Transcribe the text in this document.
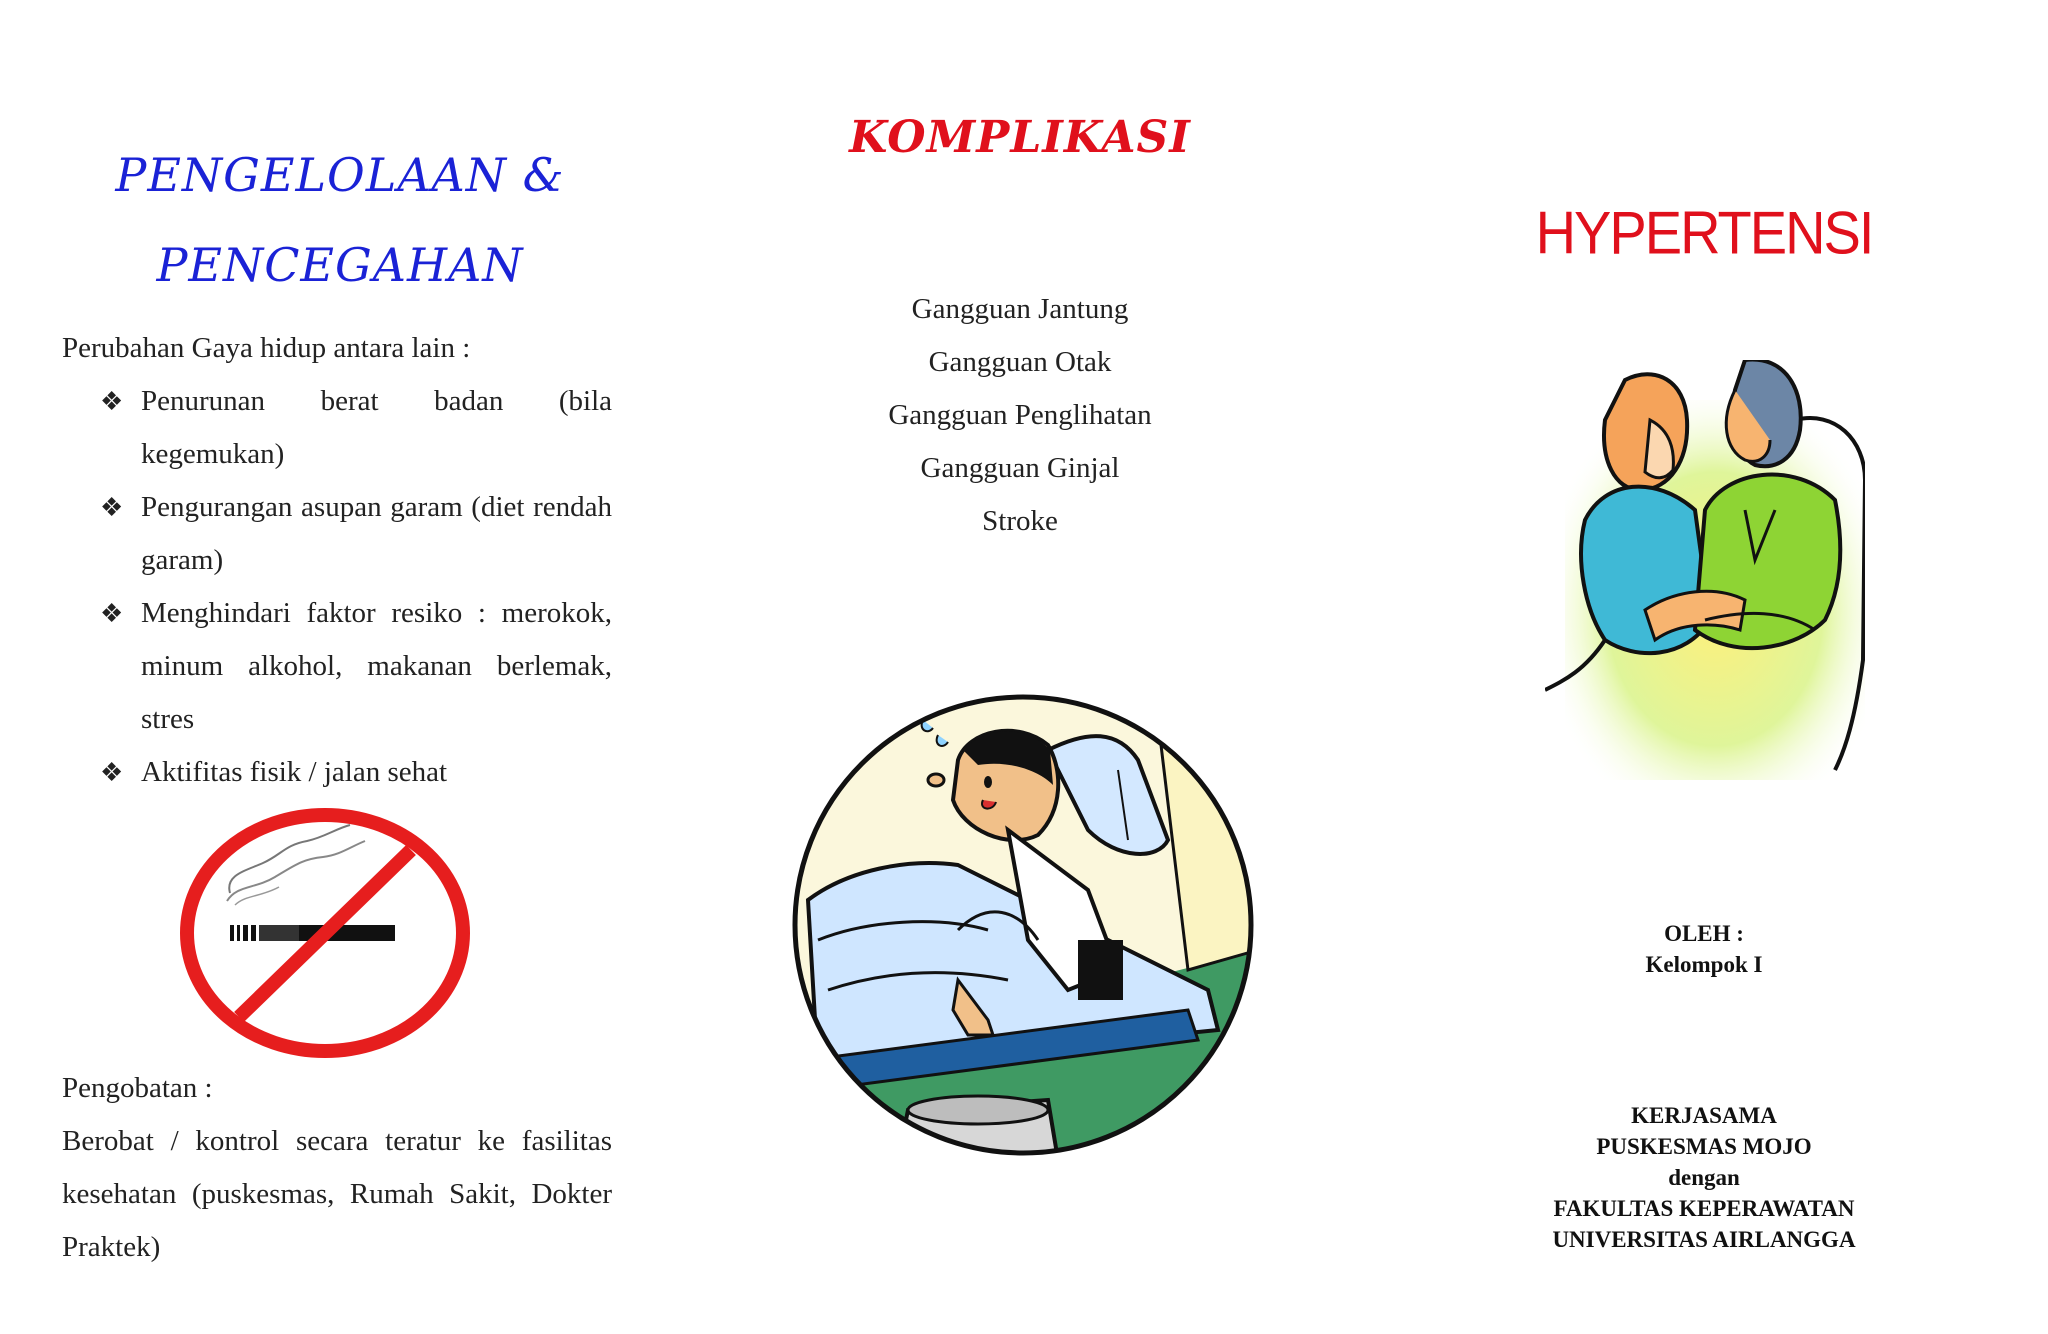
PENGELOLAAN &
PENCEGAHAN
Perubahan Gaya hidup antara lain :
❖ Penurunan berat badan (bila kegemukan)
❖ Pengurangan asupan garam (diet rendah garam)
❖ Menghindari faktor resiko : merokok, minum alkohol, makanan berlemak, stres
❖ Aktifitas fisik / jalan sehat
Pengobatan :
Berobat / kontrol secara teratur ke fasilitas kesehatan (puskesmas, Rumah Sakit, Dokter Praktek)
KOMPLIKASI
Gangguan Jantung
Gangguan Otak
Gangguan Penglihatan
Gangguan Ginjal
Stroke
HYPERTENSI
OLEH :
Kelompok I
KERJASAMA
PUSKESMAS MOJO
dengan
FAKULTAS KEPERAWATAN
UNIVERSITAS AIRLANGGA
